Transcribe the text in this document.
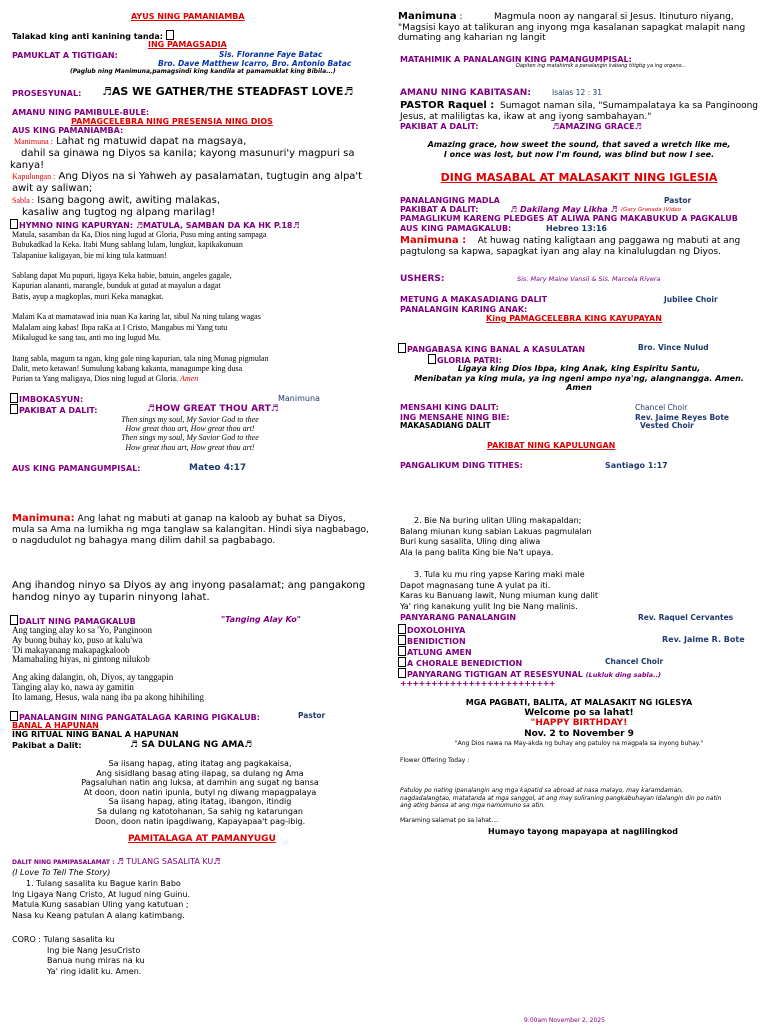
AYUS NING PAMANIAMBA
Talakad king anti kanining tanda:
ING PAMAGSADIA
PAMUKLAT A TIGTIGAN:	Sis. Floranne Faye Batac
Bro. Dave Matthew Icarro, Bro. Antonio Batac
(Paglub ning Manimuna,pamagsindi king kandila at pamamuklat king Bibila...)
PROSESYUNAL: ♬AS WE GATHER/THE STEADFAST LOVE♬
AMANU NING PAMIBULE-BULE:
PAMAGCELEBRA NING PRESENSIA NING DIOS
AUS KING PAMANIAMBA:
Manimuna : Lahat ng matuwid dapat na magsaya,
dahil sa ginawa ng Diyos sa kanila; kayong masunuri'y magpuri sa kanya!
Kapulungan : Ang Diyos na si Yahweh ay pasalamatan, tugtugin ang alpa't awit ay saliwan;
Sabla : Isang bagong awit, awiting malakas,
kasaliw ang tugtog ng alpang marilag!
HYMNO NING KAPURYAN: ♬MATULA, SAMBAN DA KA HK P.18♬
Matula, sasamban da Ka, Dios ning lugud at Gloria, Pusu ming anting sampaga
Bubukadkad la Keka. Itabi Mung sablang lulam, lungkut, kapikakunuan
Talapaniue kaligayan, bie mi king tula katmuan!

Sablang dapat Mu pupuri, ligaya Keka babie, batuin, angeles gagale,
Kapurian alananti, marangle, bunduk at gutad at mayalun a dagat
Batis, ayup a magkoplas, muri Keka managkat.

Malam Ka at mamatawad inia nuan Ka karing lat, sibul Na ning tulang wagas
Malalam aing kabas! Ibpa raKa at I Cristo, Mangabus mi Yang tutu
Mikalugud ke sang tau, anti mo ing lugud Mu.

Itang sabla, magum ta ngan, king gale ning kapurian, tala ning Munag pigmulan
Dalit, meto ketawan! Sumulung kabang kakanta, managumpe king dusa
Purian ta Yang maligaya, Dios ning lugud at Gloria. Amen
IMBOKASYUN:	Manimuna
PAKIBAT A DALIT:	♬HOW GREAT THOU ART♬
Then sings my soul, My Savior God to thee
How great thou art, How great thou art!
Then sings my soul, My Savior God to thee
How great thou art, How great thou art!
AUS KING PAMANGUMPISAL:	Mateo 4:17
Manimuna: Ang lahat ng mabuti at ganap na kaloob ay buhat sa Diyos, mula sa Ama na lumikha ng mga tanglaw sa kalangitan. Hindi siya nagbabago, o nagdudulot ng bahagya mang dilim dahil sa pagbabago.
Ang ihandog ninyo sa Diyos ay ang inyong pasalamat; ang pangakong handog ninyo ay tuparin ninyong lahat.
DALIT NING PAMAGKALUB	"Tanging Alay Ko"
Ang tanging alay ko sa 'Yo, Panginoon
Ay buong buhay ko, puso at kalu'wa
'Di makayanang makapagkaloob
Mamahaling hiyas, ni gintong nilukob
Ang aking dalangin, oh, Diyos, ay tanggapin
Tanging alay ko, nawa ay gamitin
Ito lamang, Hesus, wala nang iba pa akong hihihiling
PANALANGIN NING PANGATALAGA KARING PIGKALUB:	Pastor
BANAL A HAPUNAN
ING RITUAL NING BANAL A HAPUNAN
Pakibat a Dalit:	♬ SA DULANG NG AMA♬
Sa iisang hapag, ating itatag ang pagkakaisa,
Ang sisidlang basag ating ilapag, sa dulang ng Ama
Pagsaluhan natin ang luksa, at damhin ang sugat ng bansa
At doon, doon natin ipunla, butyl ng diwang mapagpalaya
Sa iisang hapag, ating itatag, ibangon, itindig
Sa dulang ng katotohanan, Sa sahig ng katarungan
Doon, doon natin ipagdiwang, Kapayapaa't pag-ibig.
PAMITALAGA AT PAMANYUGU
DALIT NING PAMIPASALAMAT : ♬ TULANG SASALITA KU♬
(I Love To Tell The Story)
1. Tulang sasalita ku Bague karin Babo
Ing Ligaya Nang Cristo, At lugud ning Guinu.
Matula Kung sasabian Uling yang katutuan ;
Nasa ku Keang patulan A alang katimbang.
CORO : Tulang sasalita ku
Ing bie Nang JesuCristo
Banua nung miras na ku
Ya' ring idalit ku. Amen.
Manimuna :           Magmula noon ay nangaral si Jesus. Itinuturo niyang, "Magsisi kayo at talikuran ang inyong mga kasalanan sapagkat malapit nang dumating ang kaharian ng langit
MATAHIMIK A PANALANGIN KING PAMANGUMPISAL:
Dapiten ing matahimik a panalangin kabang titigtig ya ing organo...
AMANU NING KABITASAN:	Isaias 12 : 31
PASTOR Raquel : Sumagot naman sila, "Sumampalataya ka sa Panginoong Jesus, at maliligtas ka, ikaw at ang iyong sambahayan."
PAKIBAT A DALIT:	♬AMAZING GRACE♬
Amazing grace, how sweet the sound, that saved a wretch like me,
I once was lost, but now I'm found, was blind but now I see.
DING MASABAL AT MALASAKIT NING IGLESIA
PANALANGING MADLA	Pastor
PAKIBAT A DALIT:	♬ Dakilang May Likha ♬ (Gary Granada )Video
PAMAGLIKUM KARENG PLEDGES AT ALIWA PANG MAKABUKUD A PAGKALUB
AUS KING PAMAGKALUB:	Hebreo 13:16
Manimuna : At huwag nating kaligtaan ang paggawa ng mabuti at ang pagtulong sa kapwa, sapagkat iyan ang alay na kinalulugdan ng Diyos.
USHERS:	Sis. Mary Maine Vansil & Sis. Marcela Rivera
METUNG A MAKASADIANG DALIT	Jubilee Choir
PANALANGIN KARING ANAK:
King PAMAGCELEBRA KING KAYUPAYAN
PANGABASA KING BANAL A KASULATAN	Bro. Vince Nulud
GLORIA PATRI:
Ligaya king Dios Ibpa, king Anak, king Espiritu Santu,
Menibatan ya king mula, ya ing ngeni ampo nya'ng, alangnangga. Amen.
Amen
MENSAHI KING DALIT:	Chancel Choir
ING MENSAHE NING BIE:	Rev. Jaime Reyes Bote
MAKASADIANG DALIT	Vested Choir
PAKIBAT NING KAPULUNGAN
PANGALIKUM DING TITHES:	Santiago 1:17
2. Bie Na buring ulitan Uling makapaldan;
Balang miunan kung sabian Lakuas pagmulalan
Buri kung sasalita, Uling ding aliwa
Ala la pang balita King bie Na't upaya.
3. Tula ku mu ring yapse Karing maki male
Dapot magnasang tune A yulat pa iti.
Karas ku Banuang lawit, Nung miuman kung dalit
Ya' ring kanakung yulit Ing bie Nang malinis.
PANYARANG PANALANGIN	Rev. Raquel Cervantes
DOXOLOHIYA
BENIDICTION	Rev. Jaime R. Bote
ATLUNG AMEN
A CHORALE BENEDICTION	Chancel Choir
PANYARANG TIGTIGAN AT RESESYUNAL (Lukluk ding sabla..)
+++++++++++++++++++++++++
MGA PAGBATI, BALITA, AT MALASAKIT NG IGLESYA
Welcome po sa lahat!
"HAPPY BIRTHDAY!
Nov. 2 to November 9
"Ang Dios nawa na May-akda ng buhay ang patuloy na magpala sa inyong buhay."
Flower Offering Today :
Patuloy po nating ipanalangin ang mga kapatid sa abroad at nasa malayo, may karamdaman, nagdadalangtao, matatanda at mga sanggol, at ang may suliraning pangkabuhayan Idalangin din po natin ang ating bansa at ang mga namumuno sa atin.
Maraming salamat po sa lahat....
Humayo tayong mapayapa at naglilingkod
9:00am November 2, 2025
